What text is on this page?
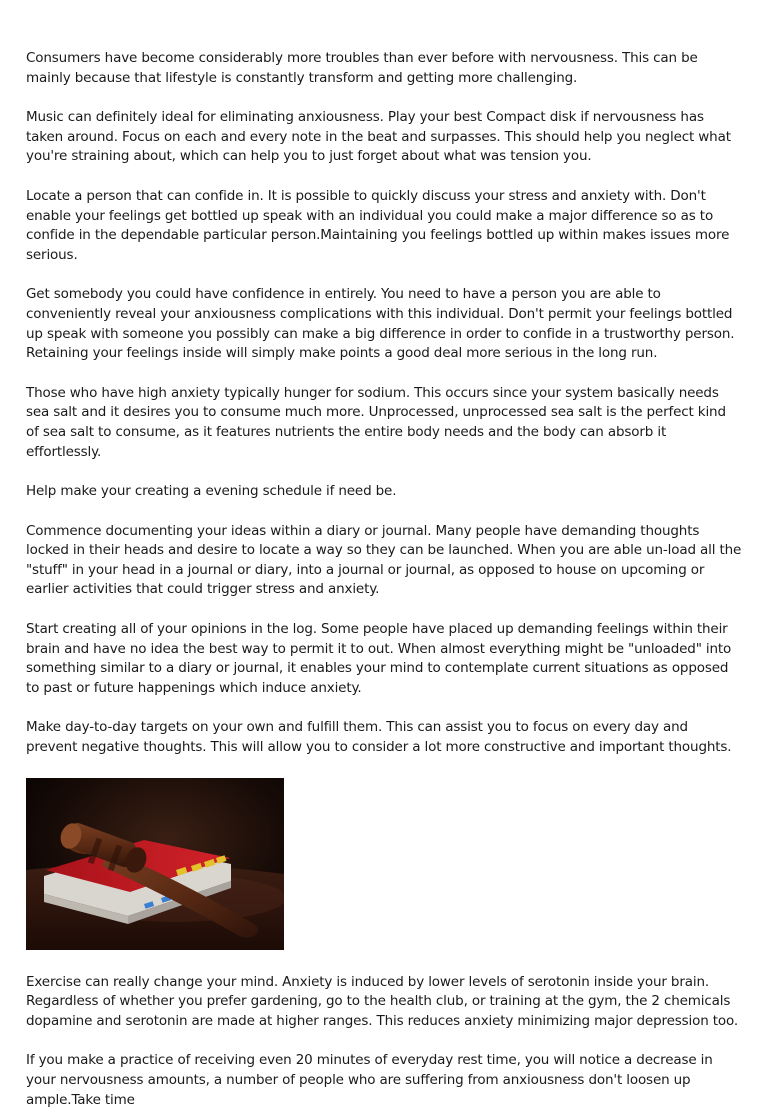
Consumers have become considerably more troubles than ever before with nervousness. This can be mainly because that lifestyle is constantly transform and getting more challenging.

Music can definitely ideal for eliminating anxiousness. Play your best Compact disk if nervousness has taken around. Focus on each and every note in the beat and surpasses. This should help you neglect what you're straining about, which can help you to just forget about what was tension you.

Locate a person that can confide in. It is possible to quickly discuss your stress and anxiety with. Don't enable your feelings get bottled up speak with an individual you could make a major difference so as to confide in the dependable particular person.Maintaining you feelings bottled up within makes issues more serious.

Get somebody you could have confidence in entirely. You need to have a person you are able to conveniently reveal your anxiousness complications with this individual. Don't permit your feelings bottled up speak with someone you possibly can make a big difference in order to confide in a trustworthy person. Retaining your feelings inside will simply make points a good deal more serious in the long run.

Those who have high anxiety typically hunger for sodium. This occurs since your system basically needs sea salt and it desires you to consume much more. Unprocessed, unprocessed sea salt is the perfect kind of sea salt to consume, as it features nutrients the entire body needs and the body can absorb it effortlessly.

Help make your creating a evening schedule if need be.

Commence documenting your ideas within a diary or journal. Many people have demanding thoughts locked in their heads and desire to locate a way so they can be launched. When you are able un-load all the "stuff" in your head in a journal or diary, into a journal or journal, as opposed to house on upcoming or earlier activities that could trigger stress and anxiety.

Start creating all of your opinions in the log. Some people have placed up demanding feelings within their brain and have no idea the best way to permit it to out. When almost everything might be "unloaded" into something similar to a diary or journal, it enables your mind to contemplate current situations as opposed to past or future happenings which induce anxiety.

Make day-to-day targets on your own and fulfill them. This can assist you to focus on every day and prevent negative thoughts. This will allow you to consider a lot more constructive and important thoughts.

Exercise can really change your mind. Anxiety is induced by lower levels of serotonin inside your brain. Regardless of whether you prefer gardening, go to the health club, or training at the gym, the 2 chemicals dopamine and serotonin are made at higher ranges. This reduces anxiety minimizing major depression too.

If you make a practice of receiving even 20 minutes of everyday rest time, you will notice a decrease in your nervousness amounts, a number of people who are suffering from anxiousness don't loosen up ample.Take time
